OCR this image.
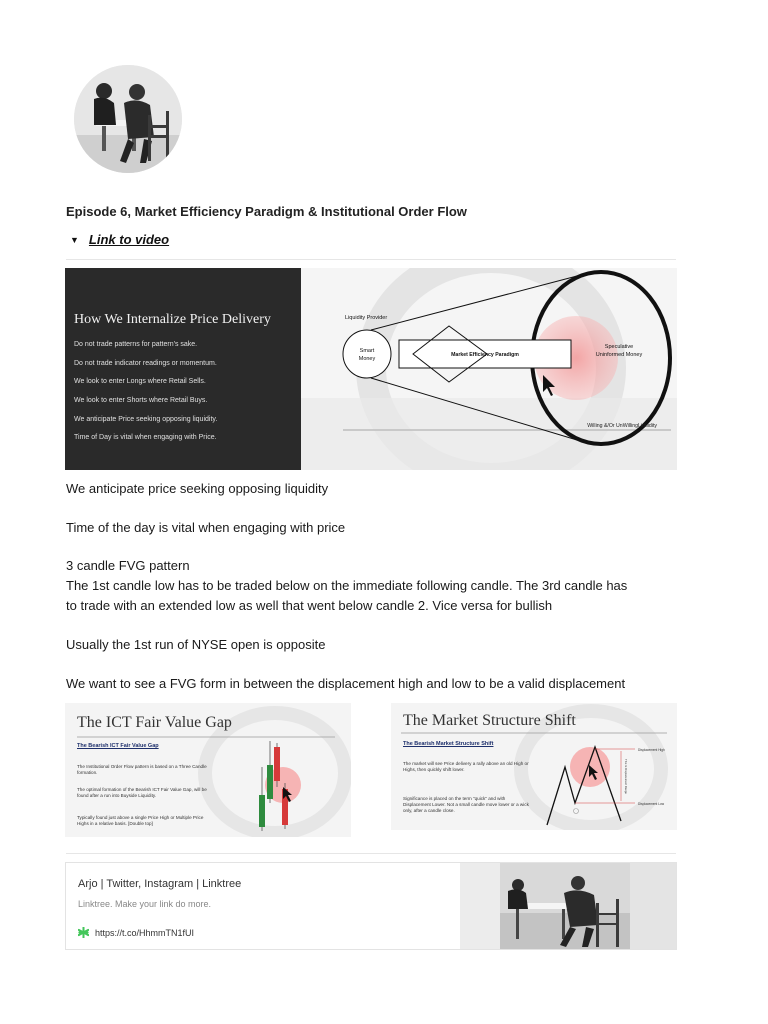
Episode 6, Market Efficiency Paradigm & Institutional Order Flow
▼ Link to video
How We Internalize Price Delivery
Do not trade patterns for pattern's sake.
Do not trade indicator readings or momentum.
We look to enter Longs where Retail Sells.
We look to enter Shorts where Retail Buys.
We anticipate Price seeking opposing liquidity.
Time of Day is vital when engaging with Price.
Smart
Money
Liquidity Provider
Speculative
Uninformed Money
Market Efficiency Paradigm
Willing &/Or UnWillingLiquidity
We anticipate price seeking opposing liquidity
Time of the day is vital when engaging with price
3 candle FVG pattern
The 1st candle low has to be traded below on the immediate following candle. The 3rd candle has
to trade with an extended low as well that went below candle 2. Vice versa for bullish
Usually the 1st run of NYSE open is opposite
We want to see a FVG form in between the displacement high and low to be a valid displacement
The ICT Fair Value Gap
The Bearish ICT Fair Value Gap
The Institutional Order Flow pattern is based on a Three Candle formation.
The optimal formation of the Bearish ICT Fair Value Gap, will be found after a run into Buyside Liquidity.
Typically found just above a single Price High or Multiple Price Highs in a relative basis. [Double top]
Displacement High
Displacement Low
This Is Displacement Range
The Market Structure Shift
The Bearish Market Structure Shift
The market will see Price delivery a rally above an old High or Highs, then quickly shift lower.
Significance is placed on the term "quick" and with Displacement Lower. Not a small candle move lower or a wick only, after a candle close.
Arjo | Twitter, Instagram | Linktree
Linktree. Make your link do more.
https://t.co/HhmmTN1fUI
